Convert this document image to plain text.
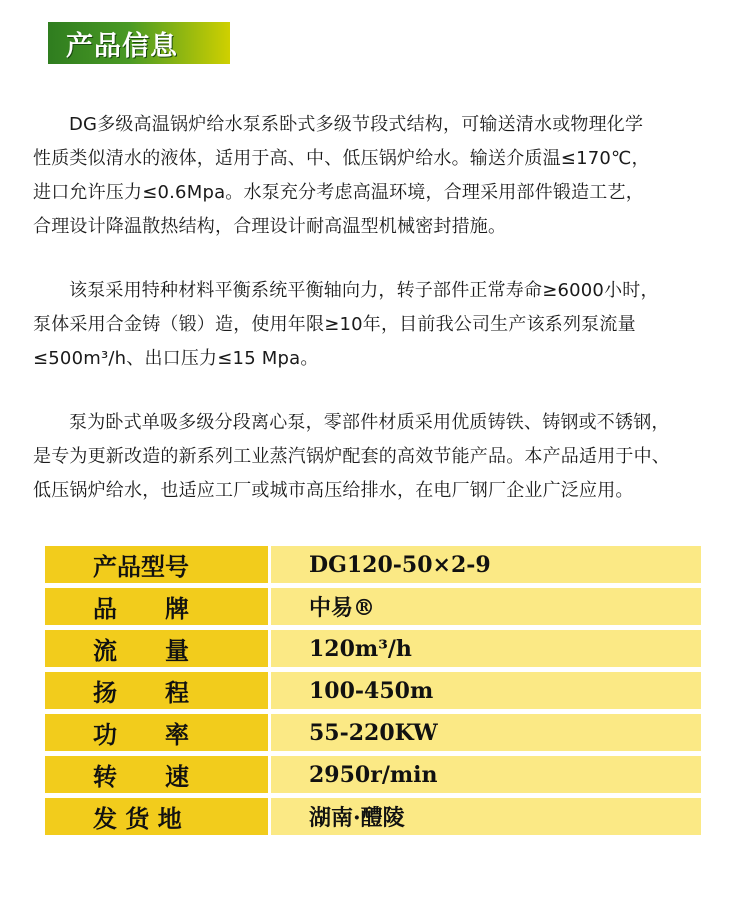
产品信息

DG多级高温锅炉给水泵系卧式多级节段式结构，可输送清水或物理化学
性质类似清水的液体，适用于高、中、低压锅炉给水。输送介质温≤170℃，
进口允许压力≤0.6Mpa。水泵充分考虑高温环境，合理采用部件锻造工艺，
合理设计降温散热结构，合理设计耐高温型机械密封措施。

该泵采用特种材料平衡系统平衡轴向力，转子部件正常寿命≥6000小时，
泵体采用合金铸（锻）造，使用年限≥10年，目前我公司生产该系列泵流量
≤500m³/h、出口压力≤15 Mpa。

泵为卧式单吸多级分段离心泵，零部件材质采用优质铸铁、铸钢或不锈钢，
是专为更新改造的新系列工业蒸汽锅炉配套的高效节能产品。本产品适用于中、
低压锅炉给水，也适应工厂或城市高压给排水，在电厂钢厂企业广泛应用。

产品型号	DG120-50×2-9
品　　牌	中易®
流　　量	120m³/h
扬　　程	100-450m
功　　率	55-220KW
转　　速	2950r/min
发 货 地	湖南·醴陵
